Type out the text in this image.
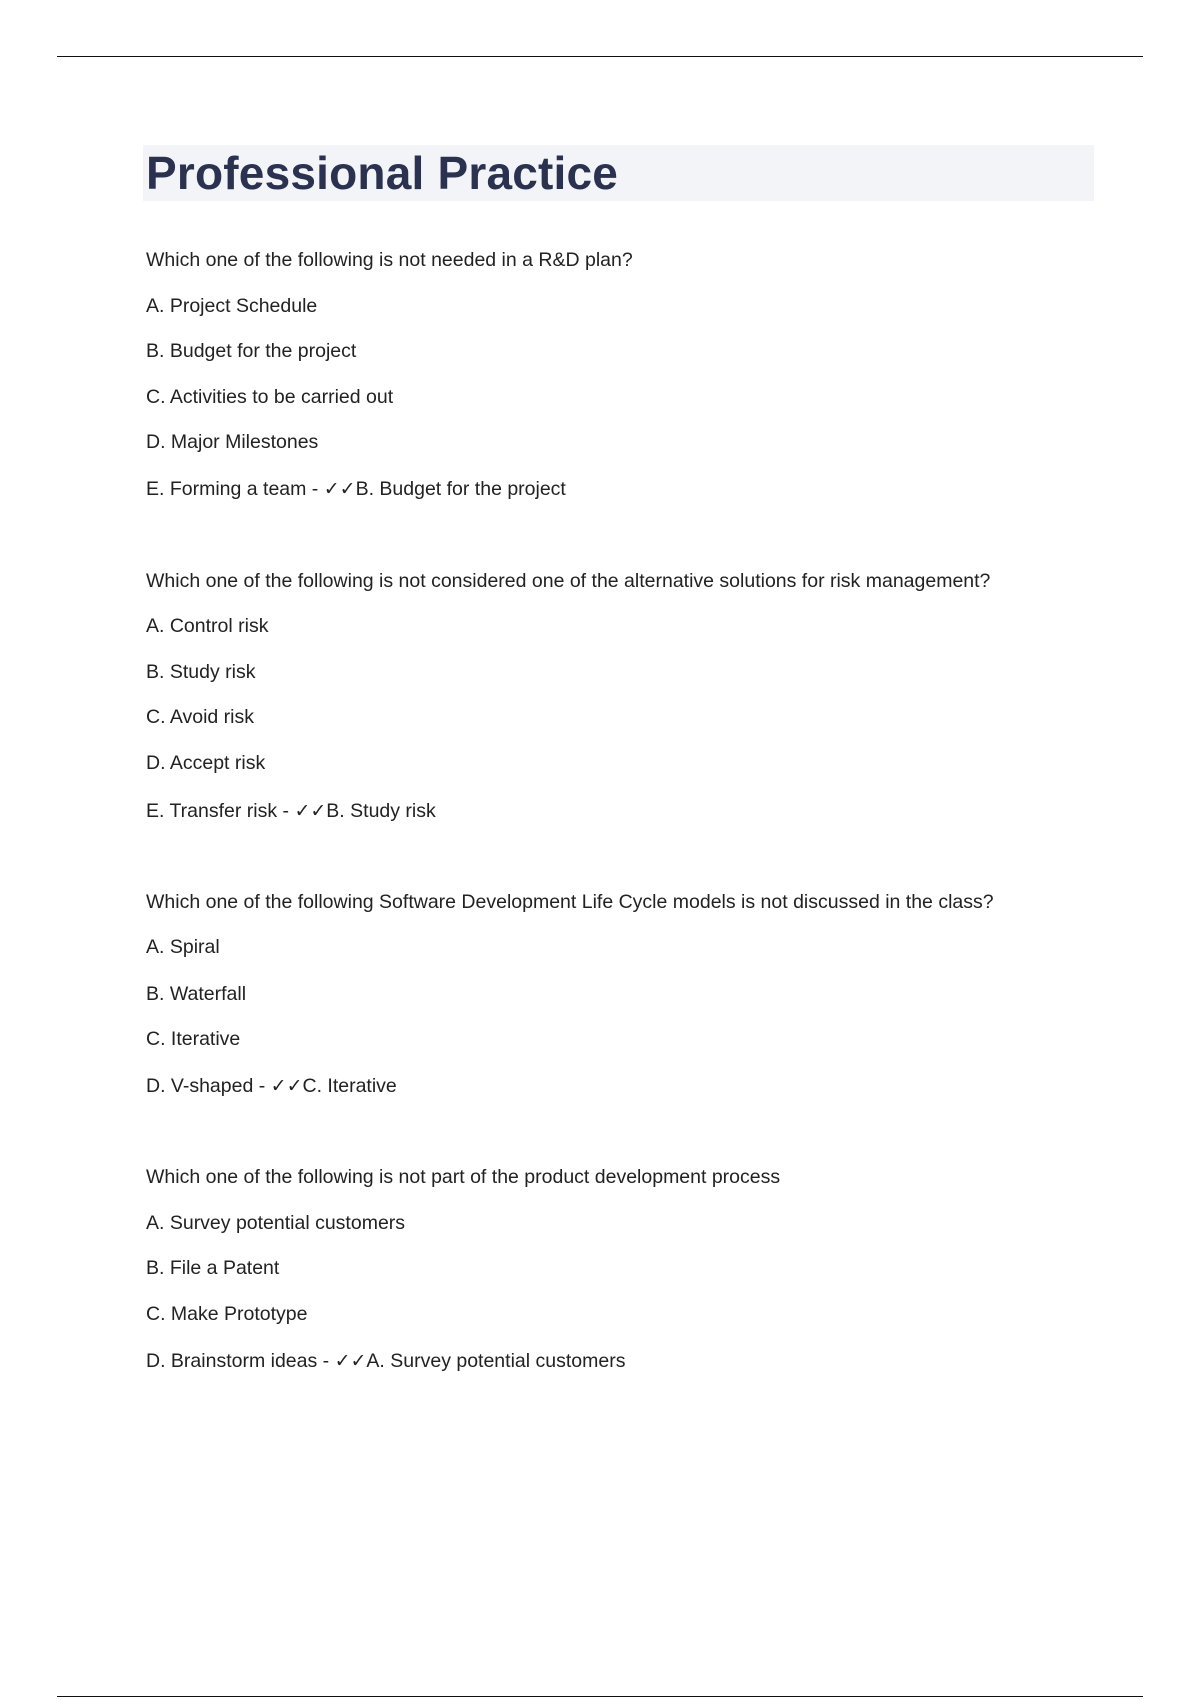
Professional Practice
Which one of the following is not needed in a R&D plan?
A. Project Schedule
B. Budget for the project
C. Activities to be carried out
D. Major Milestones
E. Forming a team - ✓✓B. Budget for the project
Which one of the following is not considered one of the alternative solutions for risk management?
A. Control risk
B. Study risk
C. Avoid risk
D. Accept risk
E. Transfer risk - ✓✓B. Study risk
Which one of the following Software Development Life Cycle models is not discussed in the class?
A. Spiral
B. Waterfall
C. Iterative
D. V-shaped - ✓✓C. Iterative
Which one of the following is not part of the product development process
A. Survey potential customers
B. File a Patent
C. Make Prototype
D. Brainstorm ideas - ✓✓A. Survey potential customers
